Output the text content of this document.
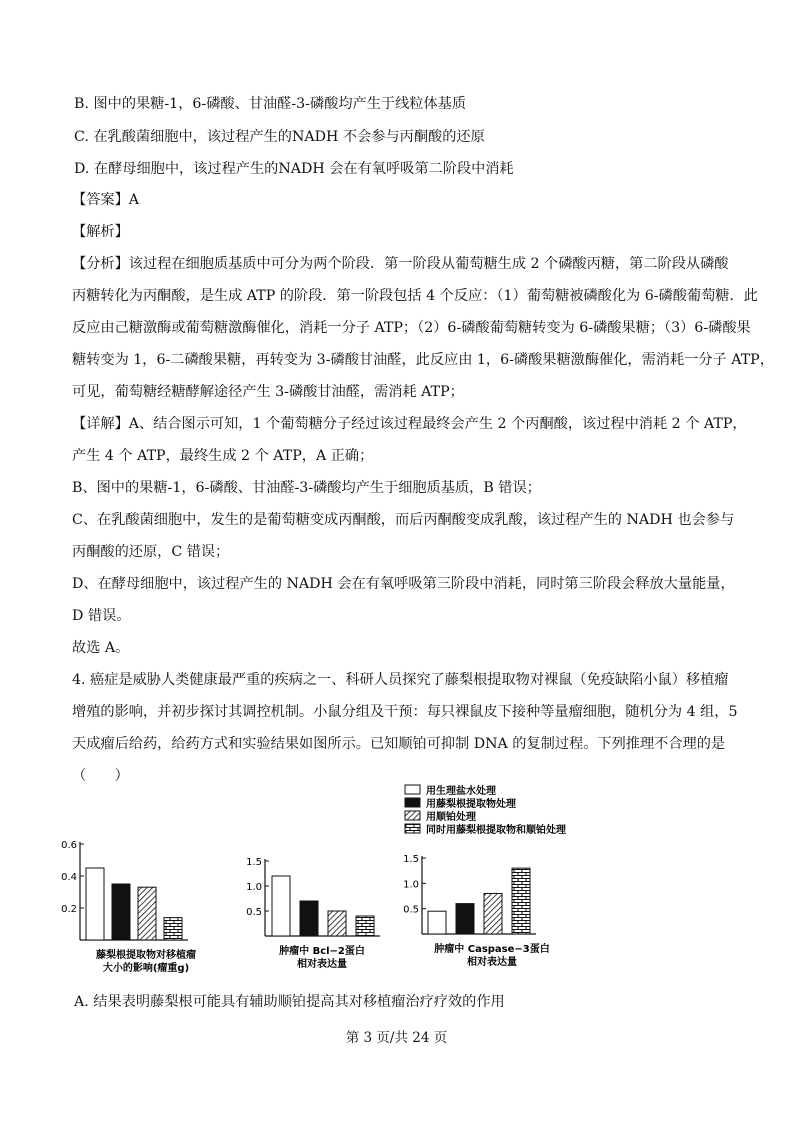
B. 图中的果糖-1，6-磷酸、甘油醛-3-磷酸均产生于线粒体基质
C. 在乳酸菌细胞中，该过程产生的NADH 不会参与丙酮酸的还原
D. 在酵母细胞中，该过程产生的NADH 会在有氧呼吸第二阶段中消耗
【答案】A
【解析】
【分析】该过程在细胞质基质中可分为两个阶段．第一阶段从葡萄糖生成 2 个磷酸丙糖，第二阶段从磷酸
丙糖转化为丙酮酸，是生成 ATP 的阶段．第一阶段包括 4 个反应：（1）葡萄糖被磷酸化为 6-磷酸葡萄糖．此
反应由己糖激酶或葡萄糖激酶催化，消耗一分子 ATP；（2）6-磷酸葡萄糖转变为 6-磷酸果糖；（3）6-磷酸果
糖转变为 1，6-二磷酸果糖，再转变为 3-磷酸甘油醛，此反应由 1，6-磷酸果糖激酶催化，需消耗一分子 ATP，
可见，葡萄糖经糖酵解途径产生 3-磷酸甘油醛，需消耗 ATP；
【详解】A、结合图示可知，1 个葡萄糖分子经过该过程最终会产生 2 个丙酮酸，该过程中消耗 2 个 ATP，
产生 4 个 ATP，最终生成 2 个 ATP，A 正确；
B、图中的果糖-1，6-磷酸、甘油醛-3-磷酸均产生于细胞质基质，B 错误；
C、在乳酸菌细胞中，发生的是葡萄糖变成丙酮酸，而后丙酮酸变成乳酸，该过程产生的 NADH 也会参与
丙酮酸的还原，C 错误；
D、在酵母细胞中，该过程产生的 NADH 会在有氧呼吸第三阶段中消耗，同时第三阶段会释放大量能量，
D 错误。
故选 A。
4. 癌症是威胁人类健康最严重的疾病之一、科研人员探究了藤梨根提取物对裸鼠（免疫缺陷小鼠）移植瘤
增殖的影响，并初步探讨其调控机制。小鼠分组及干预：每只裸鼠皮下接种等量瘤细胞，随机分为 4 组，5
天成瘤后给药，给药方式和实验结果如图所示。已知顺铂可抑制 DNA 的复制过程。下列推理不合理的是
（　　）
用生理盐水处理
用藤梨根提取物处理
用顺铂处理
同时用藤梨根提取物和顺铂处理
0.2
0.4
0.6
藤梨根提取物对移植瘤
大小的影响(瘤重g)
0.5
1.0
1.5
肿瘤中 Bcl−2蛋白
相对表达量
0.5
1.0
1.5
肿瘤中 Caspase−3蛋白
相对表达量
A. 结果表明藤梨根可能具有辅助顺铂提高其对移植瘤治疗疗效的作用
第 3 页/共 24 页
